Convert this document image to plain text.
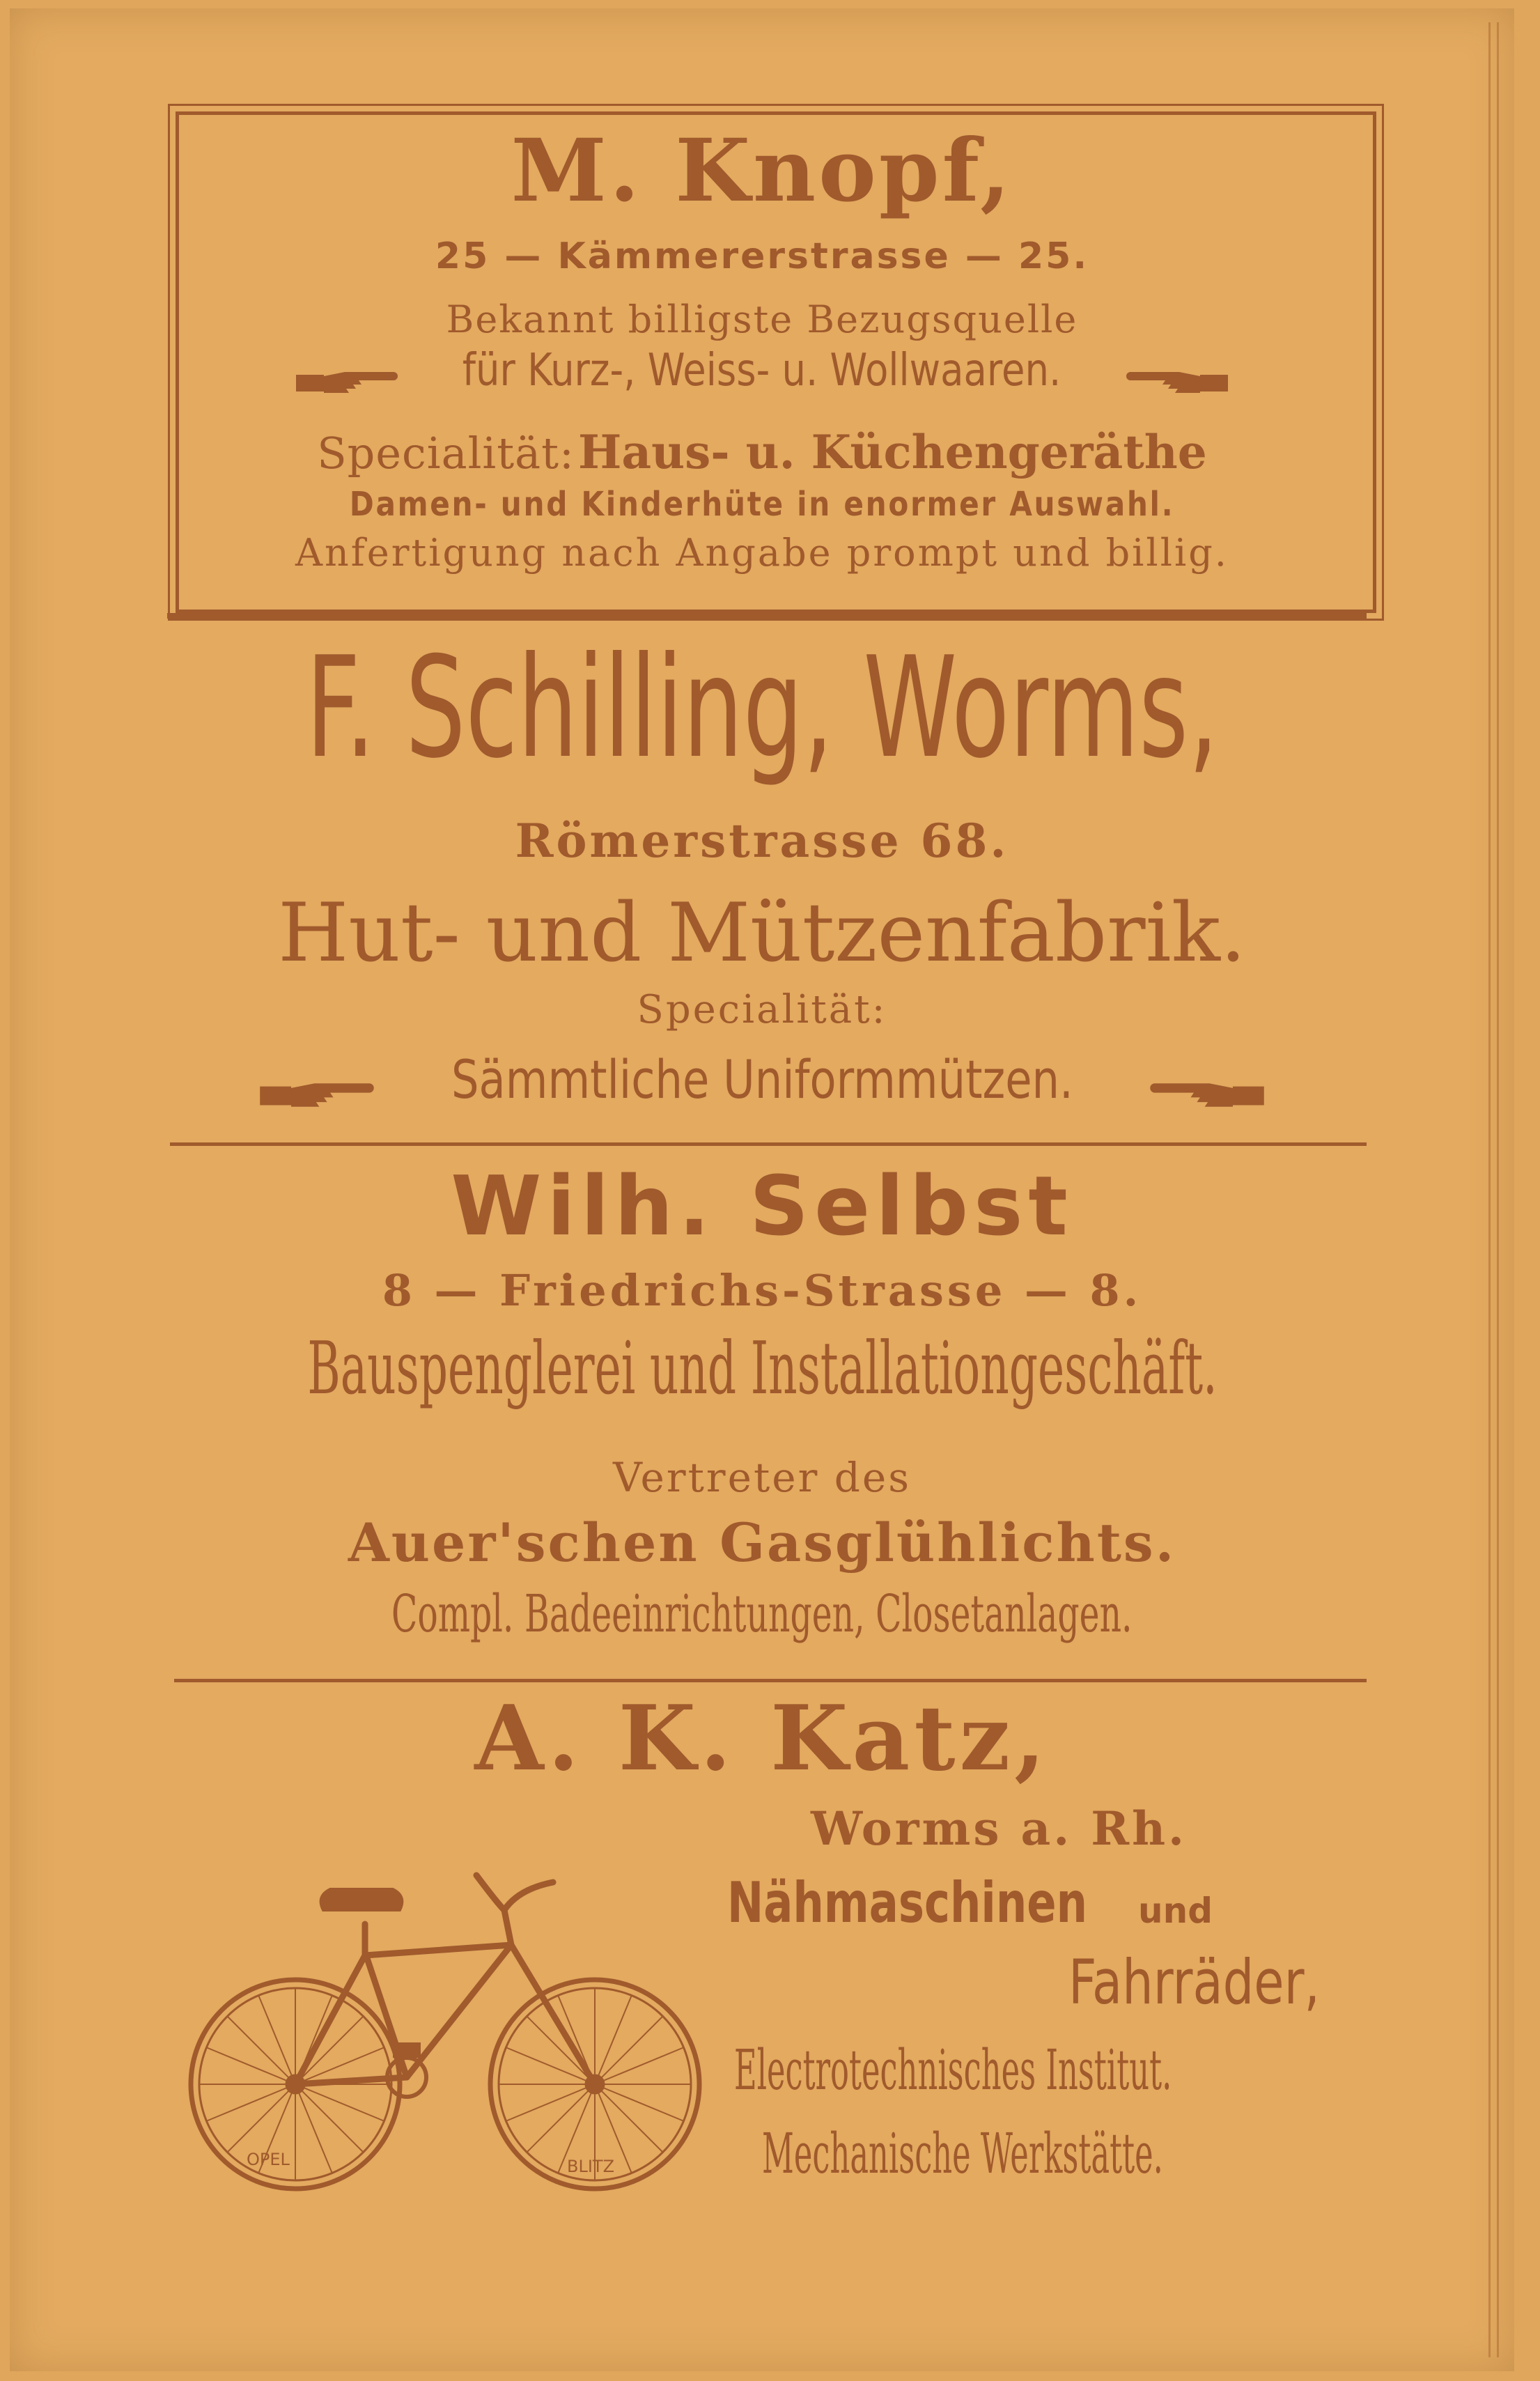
M. Knopf,
25 — Kämmererstrasse — 25.
Bekannt billigste Bezugsquelle
für Kurz-, Weiss- u. Wollwaaren.
Specialität: Haus- u. Küchengeräthe
Damen- und Kinderhüte in enormer Auswahl.
Anfertigung nach Angabe prompt und billig.
F. Schilling, Worms,
Römerstrasse 68.
Hut- und Mützenfabrik.
Specialität:
Sämmtliche Uniformmützen.
Wilh. Selbst
8 — Friedrichs-Strasse — 8.
Bauspenglerei und Installationgeschäft.
Vertreter des
Auer'schen Gasglühlichts.
Compl. Badeeinrichtungen, Closetanlagen.
A. K. Katz,
Worms a. Rh.
Nähmaschinen	und
Fahrräder,
Electrotechnisches Institut.
Mechanische Werkstätte.
OPEL	BLITZ
